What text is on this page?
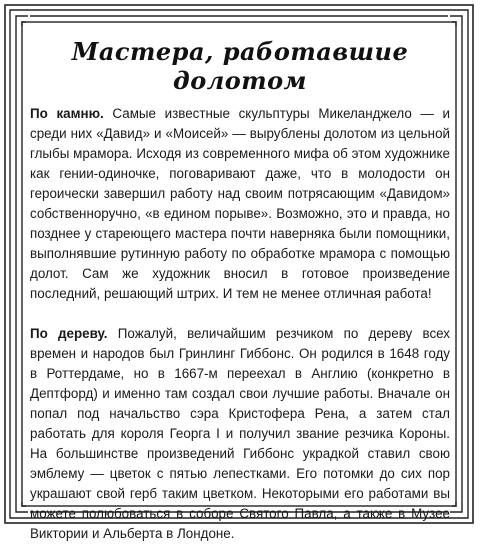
Мастера, работавшие долотом

По камню. Самые известные скульптуры Микеланджело — и среди них «Давид» и «Моисей» — вырублены долотом из цельной глыбы мрамора. Исходя из современного мифа об этом художнике как гении-одиночке, поговаривают даже, что в молодости он героически завершил работу над своим потрясающим «Давидом» собственноручно, «в едином порыве». Возможно, это и правда, но позднее у стареющего мастера почти наверняка были помощники, выполнявшие рутинную работу по обработке мрамора с помощью долот. Сам же художник вносил в готовое произведение последний, решающий штрих. И тем не менее отличная работа!

По дереву. Пожалуй, величайшим резчиком по дереву всех времен и народов был Гринлинг Гиббонс. Он родился в 1648 году в Роттердаме, но в 1667-м переехал в Англию (конкретно в Дептфорд) и именно там создал свои лучшие работы. Вначале он попал под начальство сэра Кристофера Рена, а затем стал работать для короля Георга I и получил звание резчика Короны. На большинстве произведений Гиббонс украдкой ставил свою эмблему — цветок с пятью лепестками. Его потомки до сих пор украшают свой герб таким цветком. Некоторыми его работами вы можете полюбоваться в соборе Святого Павла, а также в Музее Виктории и Альберта в Лондоне.
